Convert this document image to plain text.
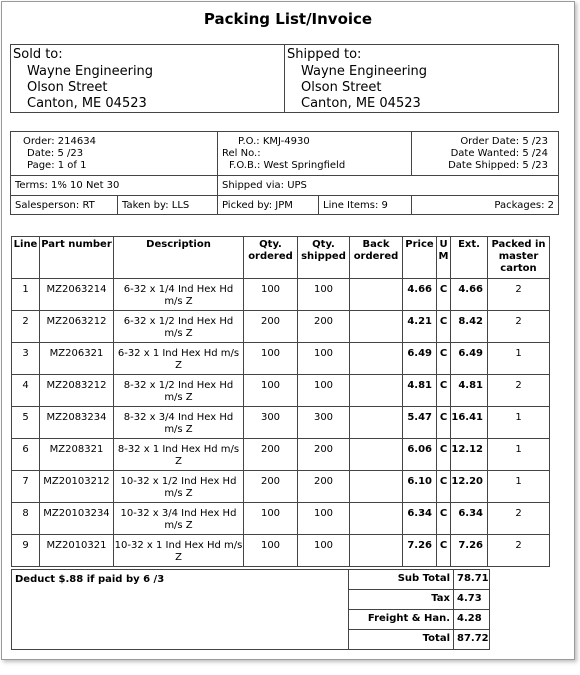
Packing List/Invoice
Sold to:
Wayne Engineering
Olson Street
Canton, ME 04523
Shipped to:
Wayne Engineering
Olson Street
Canton, ME 04523
Order: 214634
Date: 5 /23
Page: 1 of 1
P.O.: KMJ-4930
Rel No.:
F.O.B.: West Springfield
Order Date: 5 /23
Date Wanted: 5 /24
Date Shipped: 5 /23
Terms: 1% 10 Net 30	Shipped via: UPS
Salesperson: RT	Taken by: LLS	Picked by: JPM	Line Items: 9	Packages: 2
Line	Part number	Description	Qty. ordered	Qty. shipped	Back ordered	Price	U M	Ext.	Packed in master carton
1	MZ2063214	6-32 x 1/4 Ind Hex Hd m/s Z	100	100		4.66	C	4.66	2
2	MZ2063212	6-32 x 1/2 Ind Hex Hd m/s Z	200	200		4.21	C	8.42	2
3	MZ206321	6-32 x 1 Ind Hex Hd m/s Z	100	100		6.49	C	6.49	1
4	MZ2083212	8-32 x 1/2 Ind Hex Hd m/s Z	100	100		4.81	C	4.81	2
5	MZ2083234	8-32 x 3/4 Ind Hex Hd m/s Z	300	300		5.47	C	16.41	1
6	MZ208321	8-32 x 1 Ind Hex Hd m/s Z	200	200		6.06	C	12.12	1
7	MZ20103212	10-32 x 1/2 Ind Hex Hd m/s Z	200	200		6.10	C	12.20	1
8	MZ20103234	10-32 x 3/4 Ind Hex Hd m/s Z	100	100		6.34	C	6.34	2
9	MZ2010321	10-32 x 1 Ind Hex Hd m/s Z	100	100		7.26	C	7.26	2
Deduct $.88 if paid by 6 /3	Sub Total 78.71
Tax 4.73
Freight & Han. 4.28
Total 87.72
